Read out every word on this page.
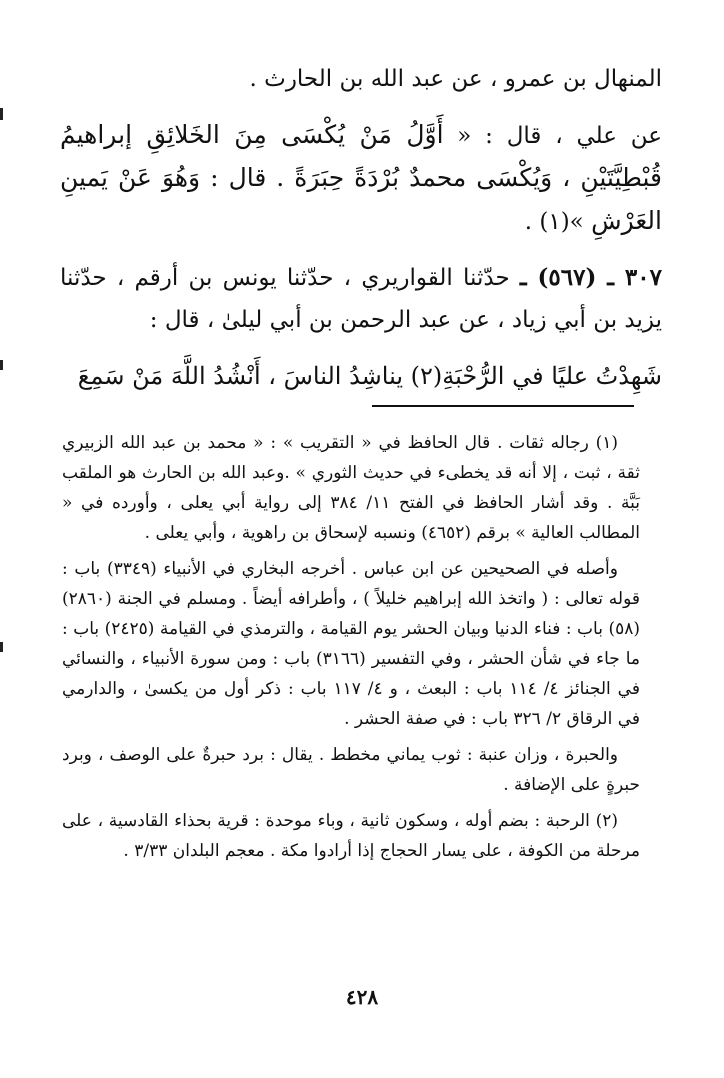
المنهال بن عمرو ، عن عبد الله بن الحارث .

عن علي ، قال : « أَوَّلُ مَنْ يُكْسَى مِنَ الخَلائِقِ إبراهيمُ قُبْطِيَّتَيْنِ ، وَيُكْسَى محمدٌ بُرْدَةً حِبَرَةً . قال : وَهُوَ عَنْ يَمينِ العَرْشِ »(١) .

٣٠٧ ـ (٥٦٧) ـ حدّثنا القواريري ، حدّثنا يونس بن أرقم ، حدّثنا يزيد بن أبي زياد ، عن عبد الرحمن بن أبي ليلىٰ ، قال :

شَهِدْتُ عليًا في الرُّحْبَةِ(٢) يناشِدُ الناسَ ، أَنْشُدُ اللَّهَ مَنْ سَمِعَ

(١) رجاله ثقات . قال الحافظ في « التقريب » : « محمد بن عبد الله الزبيري ثقة ، ثبت ، إلا أنه قد يخطىء في حديث الثوري » .وعبد الله بن الحارث هو الملقب بَبَّة . وقد أشار الحافظ في الفتح ١١/ ٣٨٤ إلى رواية أبي يعلى ، وأورده في « المطالب العالية » برقم (٤٦٥٢) ونسبه لإسحاق بن راهوية ، وأبي يعلى .

وأصله في الصحيحين عن ابن عباس . أخرجه البخاري في الأنبياء (٣٣٤٩) باب : قوله تعالى : ( واتخذ الله إبراهيم خليلاً ) ، وأطرافه أيضاً . ومسلم في الجنة (٢٨٦٠) (٥٨) باب : فناء الدنيا وبيان الحشر يوم القيامة ، والترمذي في القيامة (٢٤٢٥) باب : ما جاء في شأن الحشر ، وفي التفسير (٣١٦٦) باب : ومن سورة الأنبياء ، والنسائي في الجنائز ٤/ ١١٤ باب : البعث ، و ٤/ ١١٧ باب : ذكر أول من يكسىٰ ، والدارمي في الرقاق ٢/ ٣٢٦ باب : في صفة الحشر .

والحبرة ، وزان عنبة : ثوب يماني مخطط . يقال : برد حبرةٌ على الوصف ، وبرد حبرةٍ على الإضافة .

(٢) الرحبة : بضم أوله ، وسكون ثانية ، وباء موحدة : قرية بحذاء القادسية ، على مرحلة من الكوفة ، على يسار الحجاج إذا أرادوا مكة . معجم البلدان ٣/٣٣ .

٤٢٨
